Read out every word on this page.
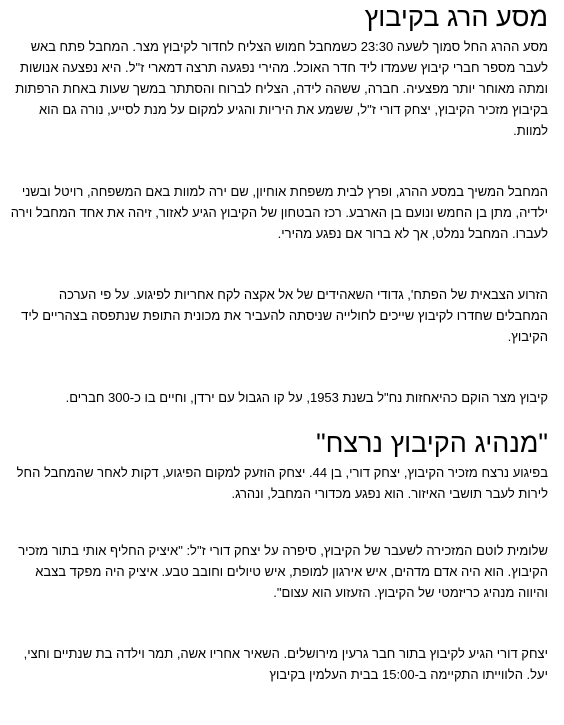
מסע הרג בקיבוץ

מסע ההרג החל סמוך לשעה 23:30 כשמחבל חמוש הצליח לחדור לקיבוץ מצר. המחבל פתח באש לעבר מספר חברי קיבוץ שעמדו ליד חדר האוכל. מהירי נפגעה תרצה דמארי ז"ל. היא נפצעה אנושות ומתה מאוחר יותר מפצעיה. חברה, ששהה לידה, הצליח לברוח והסתתר במשך שעות באחת הרפתות בקיבוץ מזכיר הקיבוץ, יצחק דורי ז"ל, ששמע את היריות והגיע למקום על מנת לסייע, נורה גם הוא למוות.

המחבל המשיך במסע ההרג, ופרץ לבית משפחת אוחיון, שם ירה למוות באם המשפחה, רויטל ובשני ילדיה, מתן בן החמש ונועם בן הארבע. רכז הבטחון של הקיבוץ הגיע לאזור, זיהה את אחד המחבל וירה לעברו. המחבל נמלט, אך לא ברור אם נפגע מהירי.

הזרוע הצבאית של הפתח', גדודי השאהידים של אל אקצה לקח אחריות לפיגוע. על פי הערכה המחבלים שחדרו לקיבוץ שייכים לחולייה שניסתה להעביר את מכונית התופת שנתפסה בצהריים ליד הקיבוץ.

קיבוץ מצר הוקם כהיאחזות נח"ל בשנת 1953, על קו הגבול עם ירדן, וחיים בו כ-300 חברים.

"מנהיג הקיבוץ נרצח"

בפיגוע נרצח מזכיר הקיבוץ, יצחק דורי, בן 44. יצחק הוזעק למקום הפיגוע, דקות לאחר שהמחבל החל לירות לעבר תושבי האיזור. הוא נפגע מכדורי המחבל, ונהרג.

שלומית לוטם המזכירה לשעבר של הקיבוץ, סיפרה על יצחק דורי ז"ל: "איציק החליף אותי בתור מזכיר הקיבוץ. הוא היה אדם מדהים, איש אירגון למופת, איש טיולים וחובב טבע. איציק היה מפקד בצבא והיווה מנהיג כריזמטי של הקיבוץ. הזעזוע הוא עצום".

יצחק דורי הגיע לקיבוץ בתור חבר גרעין מירושלים. השאיר אחריו אשה, תמר וילדה בת שנתיים וחצי, יעל. הלווייתו התקיימה ב-15:00 בבית העלמין בקיבוץ
